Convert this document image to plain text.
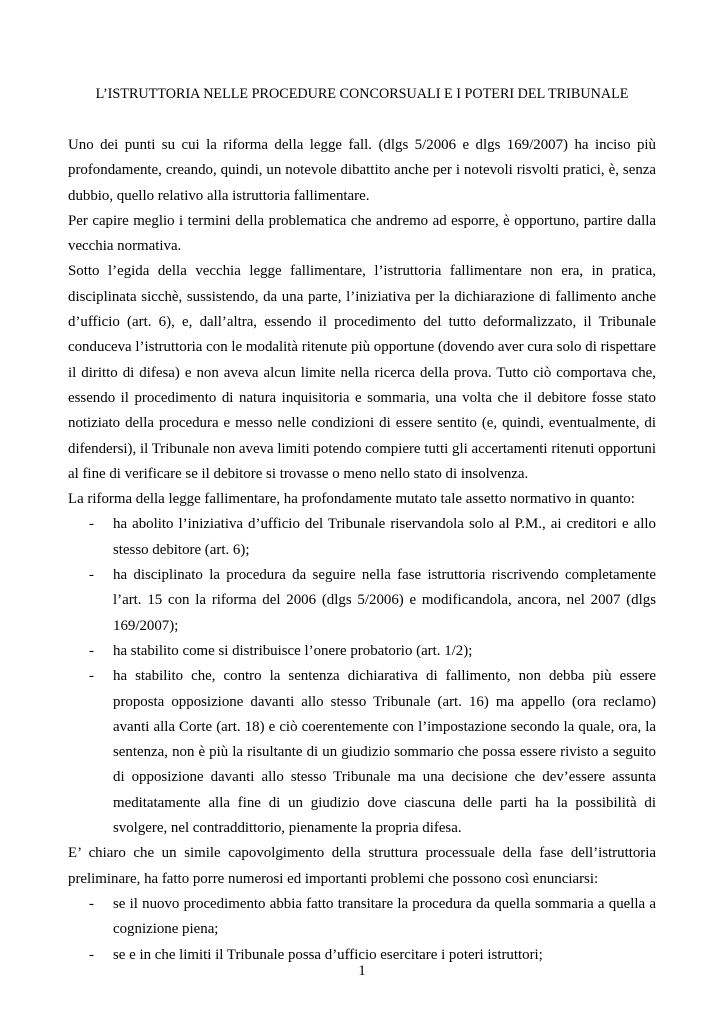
L’ISTRUTTORIA NELLE PROCEDURE CONCORSUALI E I POTERI DEL TRIBUNALE

Uno dei punti su cui la riforma della legge fall. (dlgs 5/2006 e dlgs 169/2007) ha inciso più profondamente, creando, quindi, un notevole dibattito anche per i notevoli risvolti pratici, è, senza dubbio, quello relativo alla istruttoria fallimentare.

Per capire meglio i termini della problematica che andremo ad esporre, è opportuno, partire dalla vecchia normativa.

Sotto l’egida della vecchia legge fallimentare, l’istruttoria fallimentare non era, in pratica, disciplinata sicchè, sussistendo, da una parte, l’iniziativa per la dichiarazione di fallimento anche d’ufficio (art. 6), e, dall’altra, essendo il procedimento del tutto deformalizzato, il Tribunale conduceva l’istruttoria con le modalità ritenute più opportune (dovendo aver cura solo di rispettare il diritto di difesa) e non aveva alcun limite nella ricerca della prova. Tutto ciò comportava che, essendo il procedimento di natura inquisitoria e sommaria, una volta che il debitore fosse stato notiziato della procedura e messo nelle condizioni di essere sentito (e, quindi, eventualmente, di difendersi), il Tribunale non aveva limiti potendo compiere tutti gli accertamenti ritenuti opportuni al fine di verificare se il debitore si trovasse o meno nello stato di insolvenza.

La riforma della legge fallimentare, ha profondamente mutato tale assetto normativo in quanto:

- ha abolito l’iniziativa d’ufficio del Tribunale riservandola solo al P.M., ai creditori e allo stesso debitore (art. 6);
- ha disciplinato la procedura da seguire nella fase istruttoria riscrivendo completamente l’art. 15 con la riforma del 2006 (dlgs 5/2006) e modificandola, ancora, nel 2007 (dlgs 169/2007);
- ha stabilito come si distribuisce l’onere probatorio (art. 1/2);
- ha stabilito che, contro la sentenza dichiarativa di fallimento, non debba più essere proposta opposizione davanti allo stesso Tribunale (art. 16) ma appello (ora reclamo) avanti alla Corte (art. 18) e ciò coerentemente con l’impostazione secondo la quale, ora, la sentenza, non è più la risultante di un giudizio sommario che possa essere rivisto a seguito di opposizione davanti allo stesso Tribunale ma una decisione che dev’essere assunta meditatamente alla fine di un giudizio dove ciascuna delle parti ha la possibilità di svolgere, nel contraddittorio, pienamente la propria difesa.

E’ chiaro che un simile capovolgimento della struttura processuale della fase dell’istruttoria preliminare, ha fatto porre numerosi ed importanti problemi che possono così enunciarsi:

- se il nuovo procedimento abbia fatto transitare la procedura da quella sommaria a quella a cognizione piena;
- se e in che limiti il Tribunale possa d’ufficio esercitare i poteri istruttori;
1
